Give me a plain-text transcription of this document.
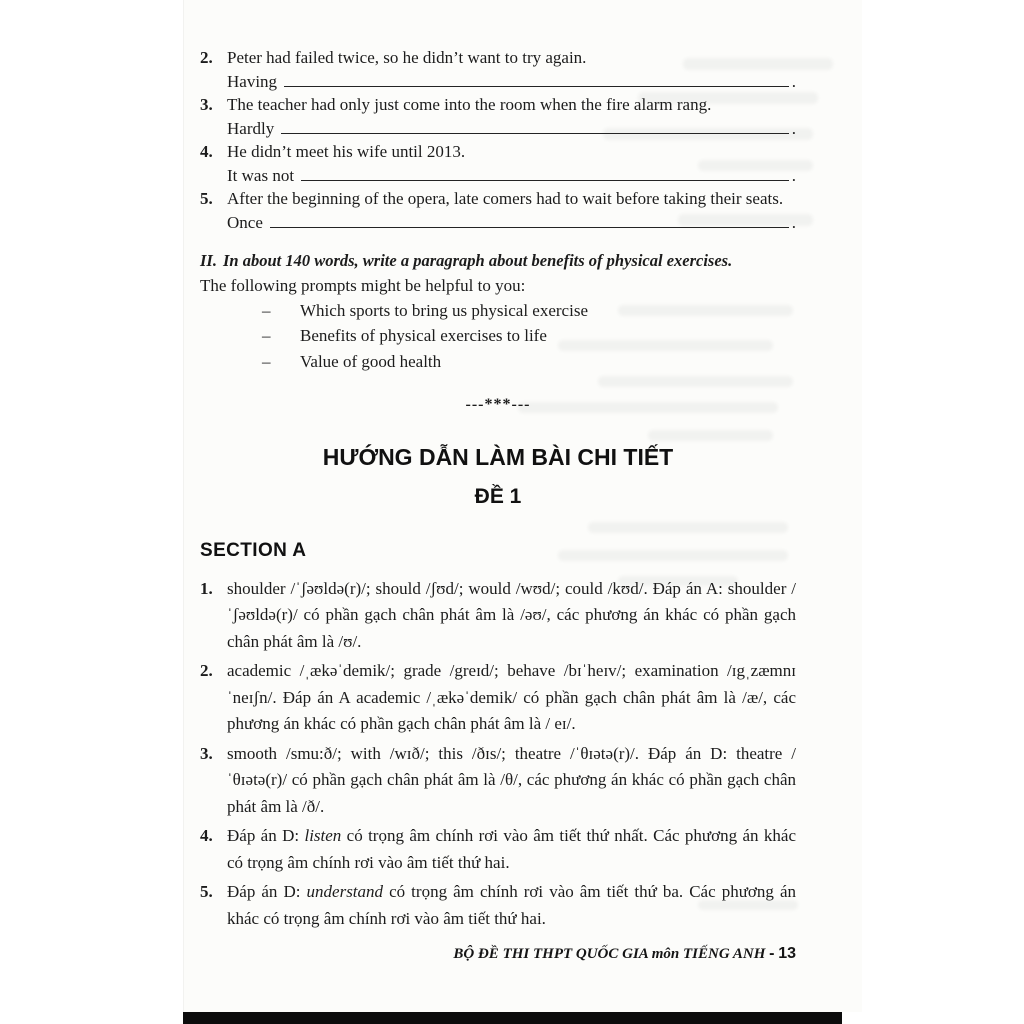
2. Peter had failed twice, so he didn’t want to try again.
Having	.
3. The teacher had only just come into the room when the fire alarm rang.
Hardly	.
4. He didn’t meet his wife until 2013.
It was not	.
5. After the beginning of the opera, late comers had to wait before taking their seats.
Once	.
II. In about 140 words, write a paragraph about benefits of physical exercises.
The following prompts might be helpful to you:
–	Which sports to bring us physical exercise
–	Benefits of physical exercises to life
–	Value of good health
---***---
HƯỚNG DẪN LÀM BÀI CHI TIẾT
ĐỀ 1
SECTION A
1. shoulder /ˈʃəʊldə(r)/; should /ʃʊd/; would /wʊd/; could /kʊd/. Đáp án A: shoulder /ˈʃəʊldə(r)/ có phần gạch chân phát âm là /əʊ/, các phương án khác có phần gạch chân phát âm là /ʊ/.
2. academic /ˌækəˈdemik/; grade /greɪd/; behave /bɪˈheɪv/; examination /ɪgˌzæmnɪˈneɪʃn/. Đáp án A academic /ˌækəˈdemik/ có phần gạch chân phát âm là /æ/, các phương án khác có phần gạch chân phát âm là / eɪ/.
3. smooth /smu:ð/; with /wɪð/; this /ðɪs/; theatre /ˈθɪətə(r)/. Đáp án D: theatre /ˈθɪətə(r)/ có phần gạch chân phát âm là /θ/, các phương án khác có phần gạch chân phát âm là /ð/.
4. Đáp án D: listen có trọng âm chính rơi vào âm tiết thứ nhất. Các phương án khác có trọng âm chính rơi vào âm tiết thứ hai.
5. Đáp án D: understand có trọng âm chính rơi vào âm tiết thứ ba. Các phương án khác có trọng âm chính rơi vào âm tiết thứ hai.
BỘ ĐỀ THI THPT QUỐC GIA môn TIẾNG ANH - 13
